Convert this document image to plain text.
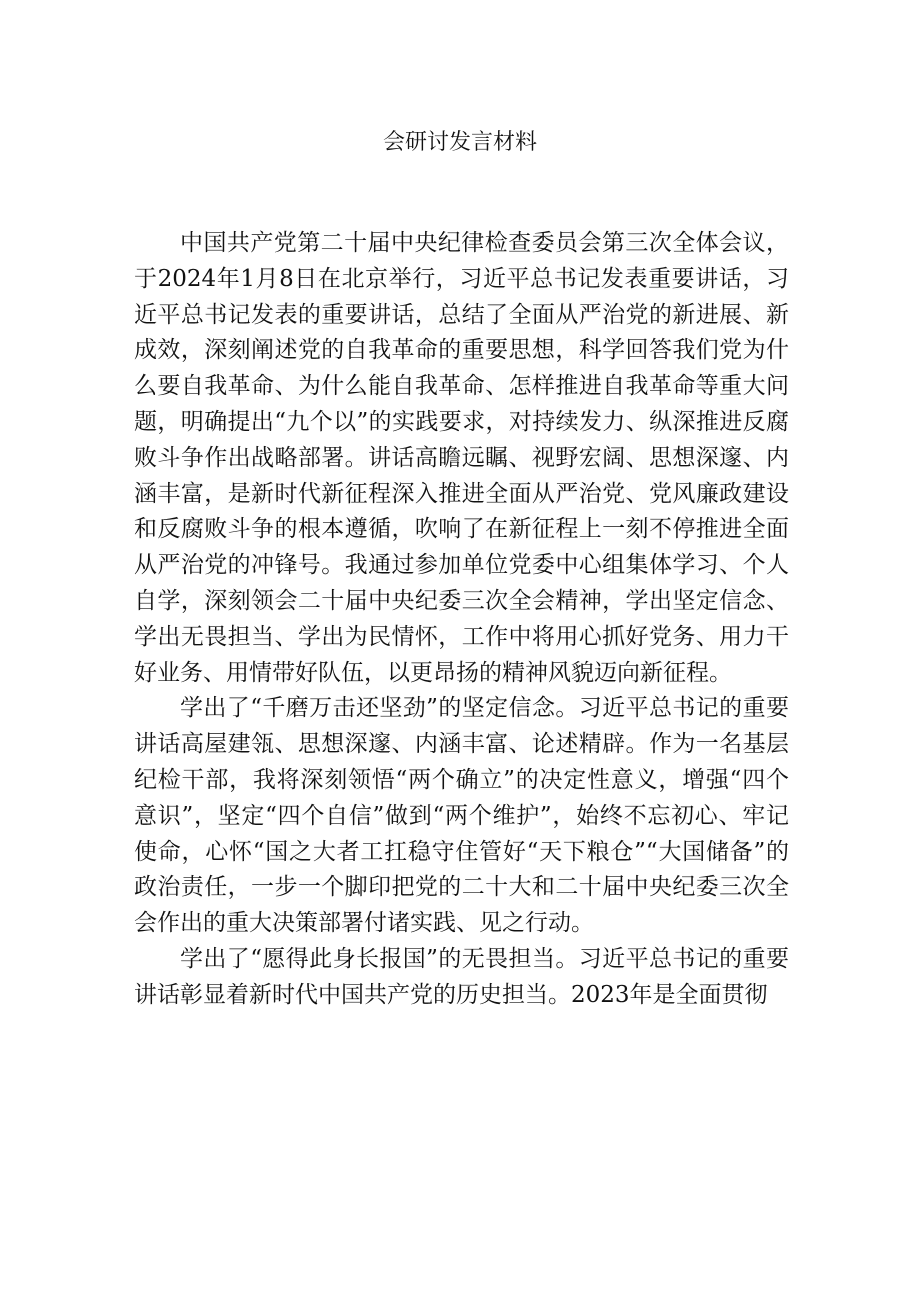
会研讨发言材料

中国共产党第二十届中央纪律检查委员会第三次全体会议，于2024年1月8日在北京举行，习近平总书记发表重要讲话，习近平总书记发表的重要讲话，总结了全面从严治党的新进展、新成效，深刻阐述党的自我革命的重要思想，科学回答我们党为什么要自我革命、为什么能自我革命、怎样推进自我革命等重大问题，明确提出“九个以”的实践要求，对持续发力、纵深推进反腐败斗争作出战略部署。讲话高瞻远瞩、视野宏阔、思想深邃、内涵丰富，是新时代新征程深入推进全面从严治党、党风廉政建设和反腐败斗争的根本遵循，吹响了在新征程上一刻不停推进全面从严治党的冲锋号。我通过参加单位党委中心组集体学习、个人自学，深刻领会二十届中央纪委三次全会精神，学出坚定信念、学出无畏担当、学出为民情怀，工作中将用心抓好党务、用力干好业务、用情带好队伍，以更昂扬的精神风貌迈向新征程。

学出了“千磨万击还坚劲”的坚定信念。习近平总书记的重要讲话高屋建瓴、思想深邃、内涵丰富、论述精辟。作为一名基层纪检干部，我将深刻领悟“两个确立”的决定性意义，增强“四个意识”，坚定“四个自信”做到“两个维护”，始终不忘初心、牢记使命，心怀“国之大者工扛稳守住管好“天下粮仓”“大国储备”的政治责任，一步一个脚印把党的二十大和二十届中央纪委三次全会作出的重大决策部署付诸实践、见之行动。

学出了“愿得此身长报国”的无畏担当。习近平总书记的重要讲话彰显着新时代中国共产党的历史担当。2023年是全面贯彻
